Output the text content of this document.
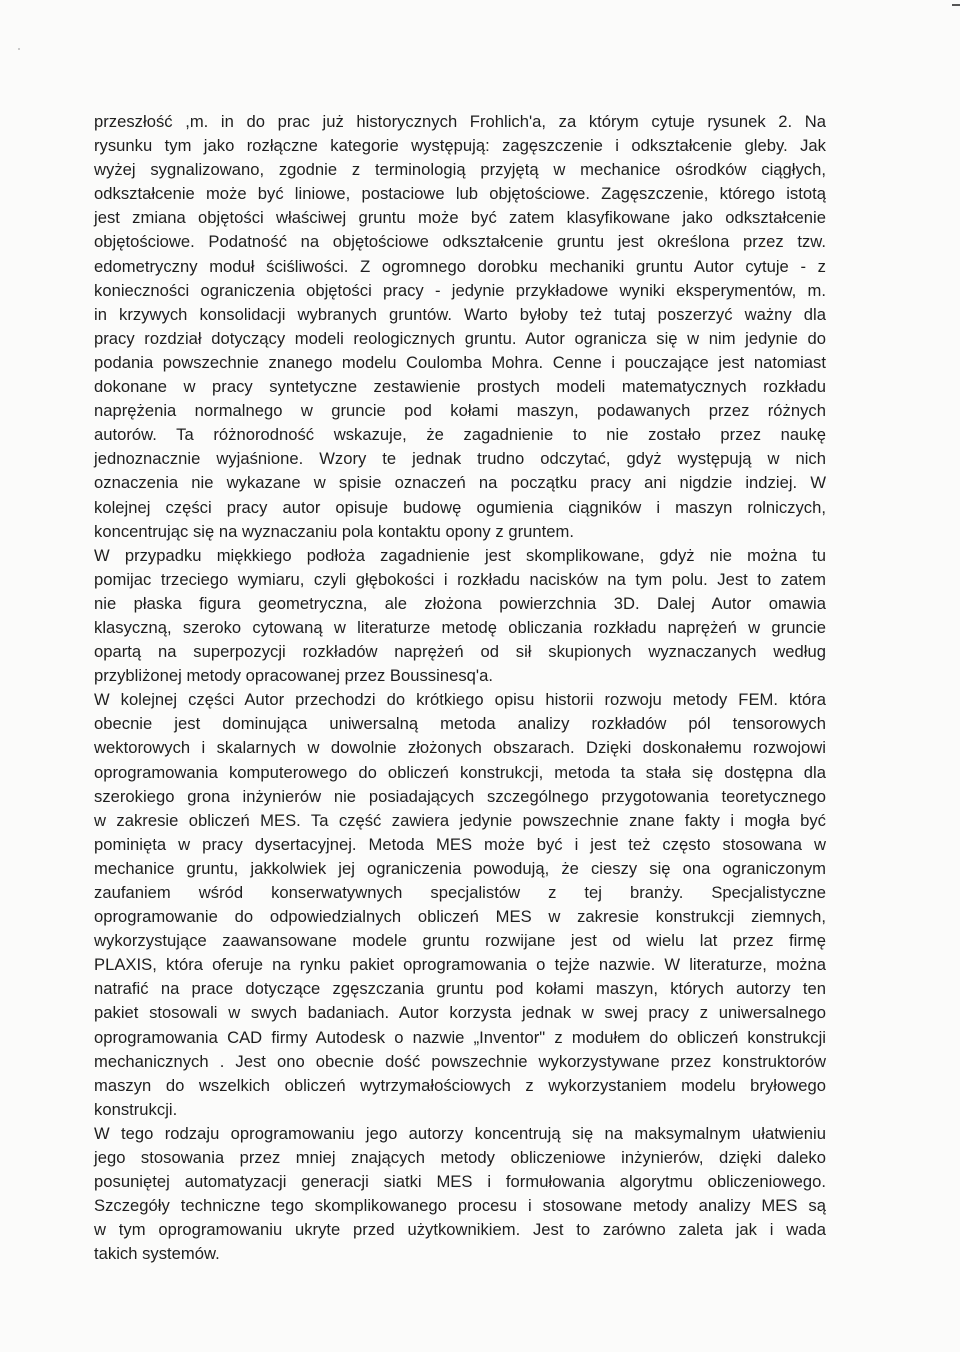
przeszłość ,m. in do prac już historycznych Frohlich'a, za którym cytuje rysunek 2. Na
rysunku tym jako rozłączne kategorie występują: zagęszczenie i odkształcenie gleby. Jak
wyżej sygnalizowano, zgodnie z terminologią przyjętą w mechanice ośrodków ciągłych,
odkształcenie może być liniowe, postaciowe lub objętościowe. Zagęszczenie, którego istotą
jest zmiana objętości właściwej gruntu może być zatem klasyfikowane jako odkształcenie
objętościowe. Podatność na objętościowe odkształcenie gruntu jest określona przez tzw.
edometryczny moduł ściśliwości. Z ogromnego dorobku mechaniki gruntu Autor cytuje - z
konieczności ograniczenia objętości pracy - jedynie przykładowe wyniki eksperymentów, m.
in krzywych konsolidacji wybranych gruntów. Warto byłoby też tutaj poszerzyć ważny dla
pracy rozdział dotyczący modeli reologicznych gruntu. Autor ogranicza się w nim jedynie do
podania powszechnie znanego modelu Coulomba Mohra. Cenne i pouczające jest natomiast
dokonane w pracy syntetyczne zestawienie prostych modeli matematycznych rozkładu
naprężenia normalnego w gruncie pod kołami maszyn, podawanych przez różnych
autorów. Ta różnorodność wskazuje, że zagadnienie to nie zostało przez naukę
jednoznacznie wyjaśnione. Wzory te jednak trudno odczytać, gdyż występują w nich
oznaczenia nie wykazane w spisie oznaczeń na początku pracy ani nigdzie indziej. W
kolejnej części pracy autor opisuje budowę ogumienia ciągników i maszyn rolniczych,
koncentrując się na wyznaczaniu pola kontaktu opony z gruntem.
W przypadku miękkiego podłoża zagadnienie jest skomplikowane, gdyż nie można tu
pomijac trzeciego wymiaru, czyli głębokości i rozkładu nacisków na tym polu. Jest to zatem
nie płaska figura geometryczna, ale złożona powierzchnia 3D. Dalej Autor omawia
klasyczną, szeroko cytowaną w literaturze metodę obliczania rozkładu naprężeń w gruncie
opartą na superpozycji rozkładów naprężeń od sił skupionych wyznaczanych według
przybliżonej metody opracowanej przez Boussinesq'a.
W kolejnej części Autor przechodzi do krótkiego opisu historii rozwoju metody FEM. która
obecnie jest dominująca uniwersalną metoda analizy rozkładów pól tensorowych
wektorowych i skalarnych w dowolnie złożonych obszarach. Dzięki doskonałemu rozwojowi
oprogramowania komputerowego do obliczeń konstrukcji, metoda ta stała się dostępna dla
szerokiego grona inżynierów nie posiadających szczególnego przygotowania teoretycznego
w zakresie obliczeń MES. Ta część zawiera jedynie powszechnie znane fakty i mogła być
pominięta w pracy dysertacyjnej. Metoda MES może być i jest też często stosowana w
mechanice gruntu, jakkolwiek jej ograniczenia powodują, że cieszy się ona ograniczonym
zaufaniem wśród konserwatywnych specjalistów z tej branży. Specjalistyczne
oprogramowanie do odpowiedzialnych obliczeń MES w zakresie konstrukcji ziemnych,
wykorzystujące zaawansowane modele gruntu rozwijane jest od wielu lat przez firmę
PLAXIS, która oferuje na rynku pakiet oprogramowania o tejże nazwie. W literaturze, można
natrafić na prace dotyczące zgęszczania gruntu pod kołami maszyn, których autorzy ten
pakiet stosowali w swych badaniach. Autor korzysta jednak w swej pracy z uniwersalnego
oprogramowania CAD firmy Autodesk o nazwie „Inventor" z modułem do obliczeń konstrukcji
mechanicznych . Jest ono obecnie dość powszechnie wykorzystywane przez konstruktorów
maszyn do wszelkich obliczeń wytrzymałościowych z wykorzystaniem modelu bryłowego
konstrukcji.
W tego rodzaju oprogramowaniu jego autorzy koncentrują się na maksymalnym ułatwieniu
jego stosowania przez mniej znających metody obliczeniowe inżynierów, dzięki daleko
posuniętej automatyzacji generacji siatki MES i formułowania algorytmu obliczeniowego.
Szczegóły techniczne tego skomplikowanego procesu i stosowane metody analizy MES są
w tym oprogramowaniu ukryte przed użytkownikiem. Jest to zarówno zaleta jak i wada
takich systemów.
